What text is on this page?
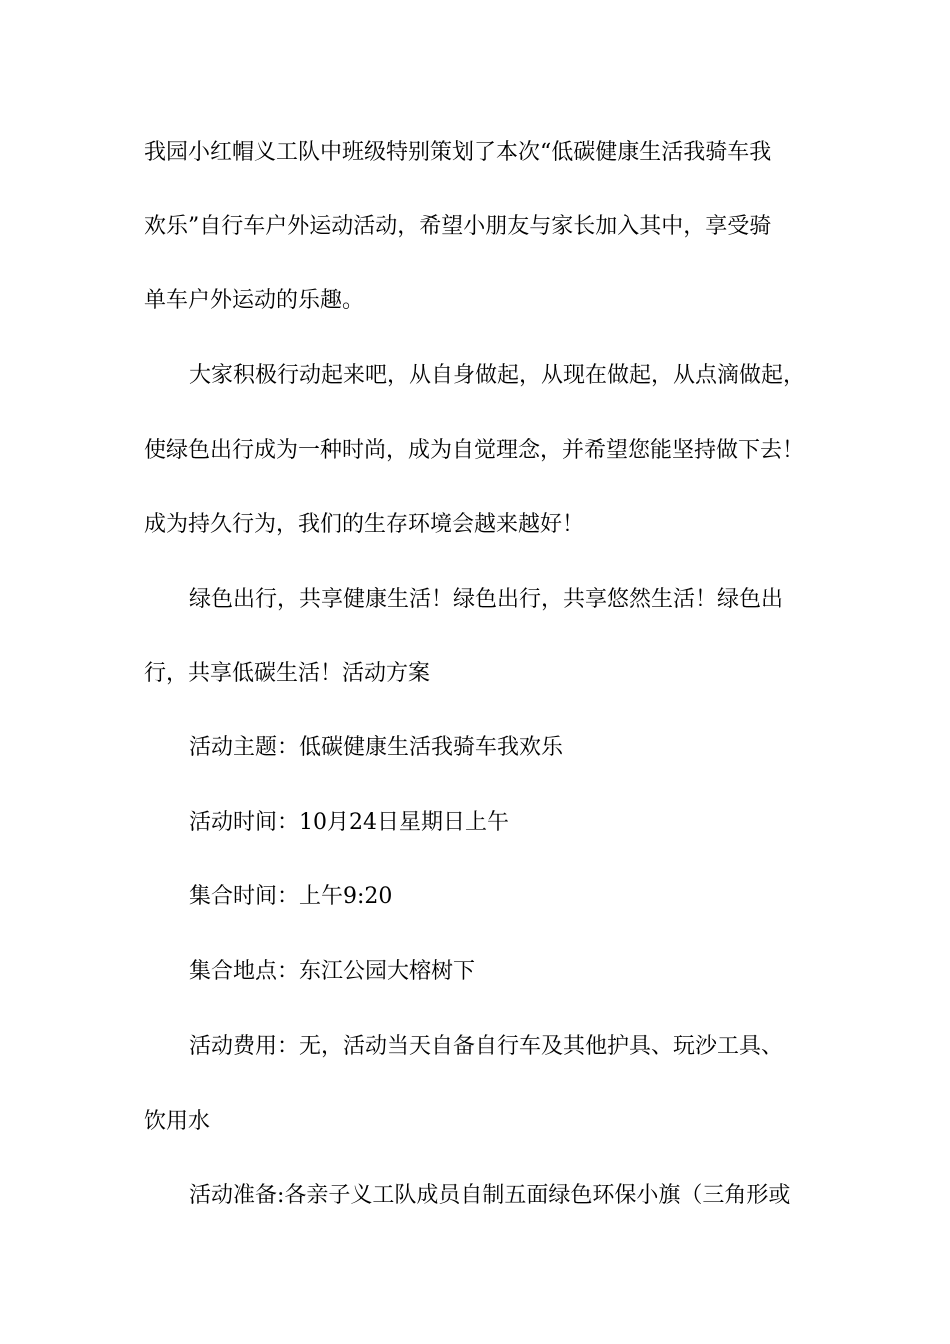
我园小红帽义工队中班级特别策划了本次“低碳健康生活我骑车我
欢乐”自行车户外运动活动，希望小朋友与家长加入其中，享受骑
单车户外运动的乐趣。
大家积极行动起来吧，从自身做起，从现在做起，从点滴做起，
使绿色出行成为一种时尚，成为自觉理念，并希望您能坚持做下去！
成为持久行为，我们的生存环境会越来越好！
绿色出行，共享健康生活！绿色出行，共享悠然生活！绿色出
行，共享低碳生活！活动方案
活动主题：低碳健康生活我骑车我欢乐
活动时间：10月24日星期日上午
集合时间：上午9:20
集合地点：东江公园大榕树下
活动费用：无，活动当天自备自行车及其他护具、玩沙工具、
饮用水
活动准备:各亲子义工队成员自制五面绿色环保小旗（三角形或
